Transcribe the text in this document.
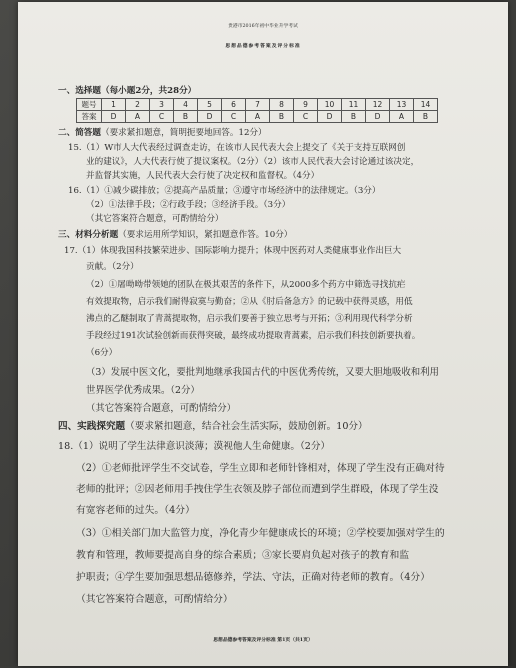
贵港市2016年初中毕业升学考试
思想品德参考答案及评分标准
一、选择题（每小题2分，共28分）
题号	1	2	3	4	5	6	7	8	9	10	11	12	13	14
答案	D	A	C	B	D	C	A	B	C	D	B	D	A	B
二、简答题（要求紧扣题意，简明扼要地回答。12分）
15.（1）W市人大代表经过调查走访，在该市人民代表大会上提交了《关于支持互联网创
业的建议》，人大代表行使了提议案权。（2分）（2）该市人民代表大会讨论通过该决定，
并监督其实施，人民代表大会行使了决定权和监督权。（4分）
16.（1）①减少碳排放；②提高产品质量；③遵守市场经济中的法律规定。（3分）
（2）①法律手段；②行政手段；③经济手段。（3分）
（其它答案符合题意，可酌情给分）
三、材料分析题（要求运用所学知识，紧扣题意作答。10分）
17.（1）体现我国科技繁荣进步、国际影响力提升；体现中医药对人类健康事业作出巨大
贡献。（2分）
（2）①屠呦呦带领她的团队在极其艰苦的条件下，从2000多个药方中筛选寻找抗疟
有效提取物，启示我们耐得寂寞与勤奋；②从《肘后备急方》的记载中获得灵感，用低
沸点的乙醚制取了青蒿提取物，启示我们要善于独立思考与开拓；③利用现代科学分析
手段经过191次试验创新而获得突破，最终成功提取青蒿素，启示我们科技创新要执着。
（6分）
（3）发展中医文化，要批判地继承我国古代的中医优秀传统，又要大胆地吸收和利用
世界医学优秀成果。（2分）
（其它答案符合题意，可酌情给分）
四、实践探究题（要求紧扣题意，结合社会生活实际，鼓励创新。10分）
18.（1）说明了学生法律意识淡薄；漠视他人生命健康。（2分）
（2）①老师批评学生不交试卷，学生立即和老师针锋相对，体现了学生没有正确对待
老师的批评；②因老师用手拽住学生衣领及脖子部位而遭到学生群殴，体现了学生没
有宽容老师的过失。（4分）
（3）①相关部门加大监管力度，净化青少年健康成长的环境；②学校要加强对学生的
教育和管理，教师要提高自身的综合素质；③家长要肩负起对孩子的教育和监
护职责；④学生要加强思想品德修养，学法、守法，正确对待老师的教育。（4分）
（其它答案符合题意，可酌情给分）
思想品德参考答案及评分标准 第1页（共1页）
